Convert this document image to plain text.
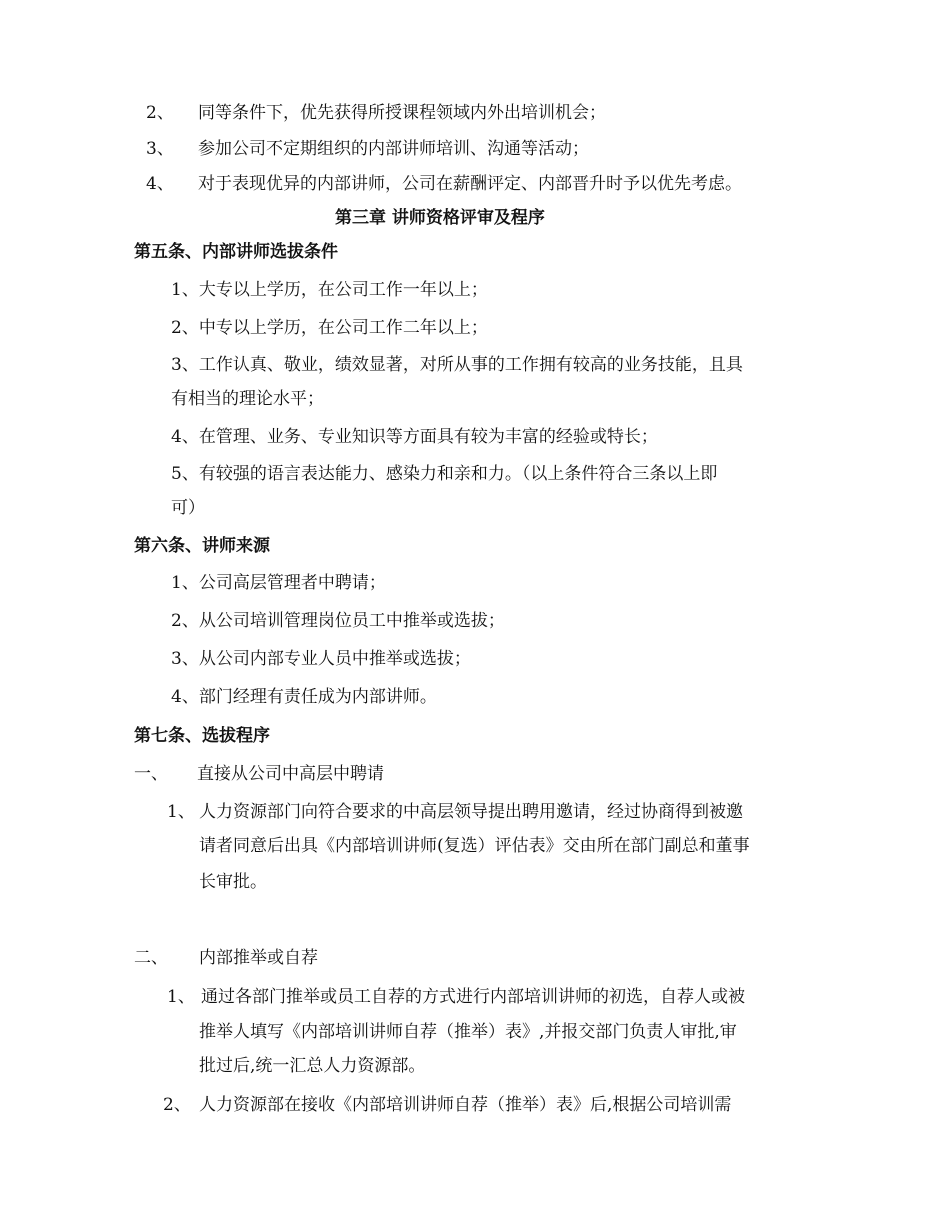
2、 同等条件下，优先获得所授课程领域内外出培训机会；
3、 参加公司不定期组织的内部讲师培训、沟通等活动；
4、 对于表现优异的内部讲师，公司在薪酬评定、内部晋升时予以优先考虑。
第三章 讲师资格评审及程序
第五条、内部讲师选拔条件
1、大专以上学历，在公司工作一年以上；
2、中专以上学历，在公司工作二年以上；
3、工作认真、敬业，绩效显著，对所从事的工作拥有较高的业务技能，且具
有相当的理论水平；
4、在管理、业务、专业知识等方面具有较为丰富的经验或特长；
5、有较强的语言表达能力、感染力和亲和力。（以上条件符合三条以上即
可）
第六条、讲师来源
1、公司高层管理者中聘请；
2、从公司培训管理岗位员工中推举或选拔；
3、从公司内部专业人员中推举或选拔；
4、部门经理有责任成为内部讲师。
第七条、选拔程序
一、 直接从公司中高层中聘请
1、 人力资源部门向符合要求的中高层领导提出聘用邀请，经过协商得到被邀
请者同意后出具《内部培训讲师(复选）评估表》交由所在部门副总和董事
长审批。
二、 内部推举或自荐
1、 通过各部门推举或员工自荐的方式进行内部培训讲师的初选，自荐人或被
推举人填写《内部培训讲师自荐（推举）表》,并报交部门负责人审批,审
批过后,统一汇总人力资源部。
2、 人力资源部在接收《内部培训讲师自荐（推举）表》后,根据公司培训需
